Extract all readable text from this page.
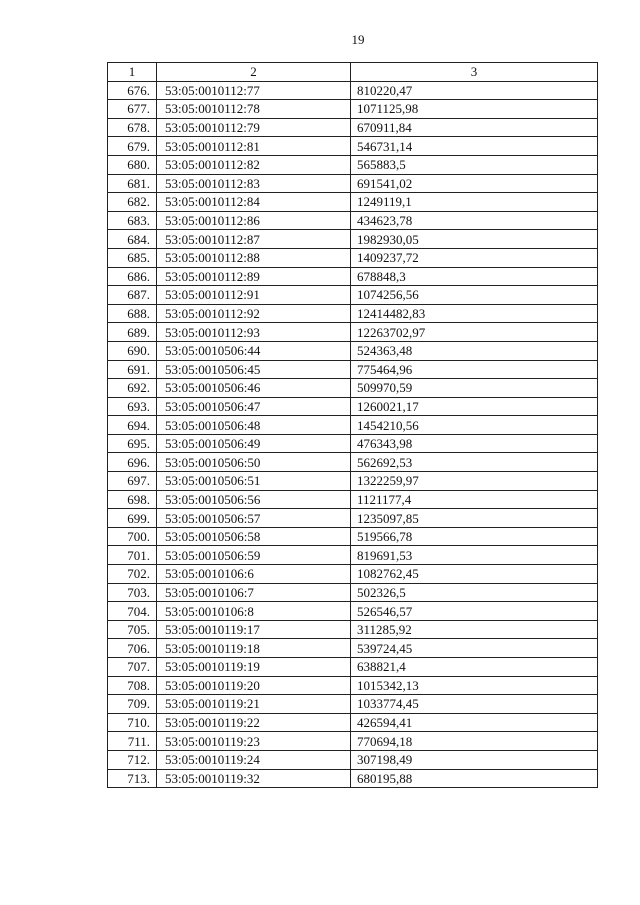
19
1	2	3
676.	53:05:0010112:77	810220,47
677.	53:05:0010112:78	1071125,98
678.	53:05:0010112:79	670911,84
679.	53:05:0010112:81	546731,14
680.	53:05:0010112:82	565883,5
681.	53:05:0010112:83	691541,02
682.	53:05:0010112:84	1249119,1
683.	53:05:0010112:86	434623,78
684.	53:05:0010112:87	1982930,05
685.	53:05:0010112:88	1409237,72
686.	53:05:0010112:89	678848,3
687.	53:05:0010112:91	1074256,56
688.	53:05:0010112:92	12414482,83
689.	53:05:0010112:93	12263702,97
690.	53:05:0010506:44	524363,48
691.	53:05:0010506:45	775464,96
692.	53:05:0010506:46	509970,59
693.	53:05:0010506:47	1260021,17
694.	53:05:0010506:48	1454210,56
695.	53:05:0010506:49	476343,98
696.	53:05:0010506:50	562692,53
697.	53:05:0010506:51	1322259,97
698.	53:05:0010506:56	1121177,4
699.	53:05:0010506:57	1235097,85
700.	53:05:0010506:58	519566,78
701.	53:05:0010506:59	819691,53
702.	53:05:0010106:6	1082762,45
703.	53:05:0010106:7	502326,5
704.	53:05:0010106:8	526546,57
705.	53:05:0010119:17	311285,92
706.	53:05:0010119:18	539724,45
707.	53:05:0010119:19	638821,4
708.	53:05:0010119:20	1015342,13
709.	53:05:0010119:21	1033774,45
710.	53:05:0010119:22	426594,41
711.	53:05:0010119:23	770694,18
712.	53:05:0010119:24	307198,49
713.	53:05:0010119:32	680195,88
